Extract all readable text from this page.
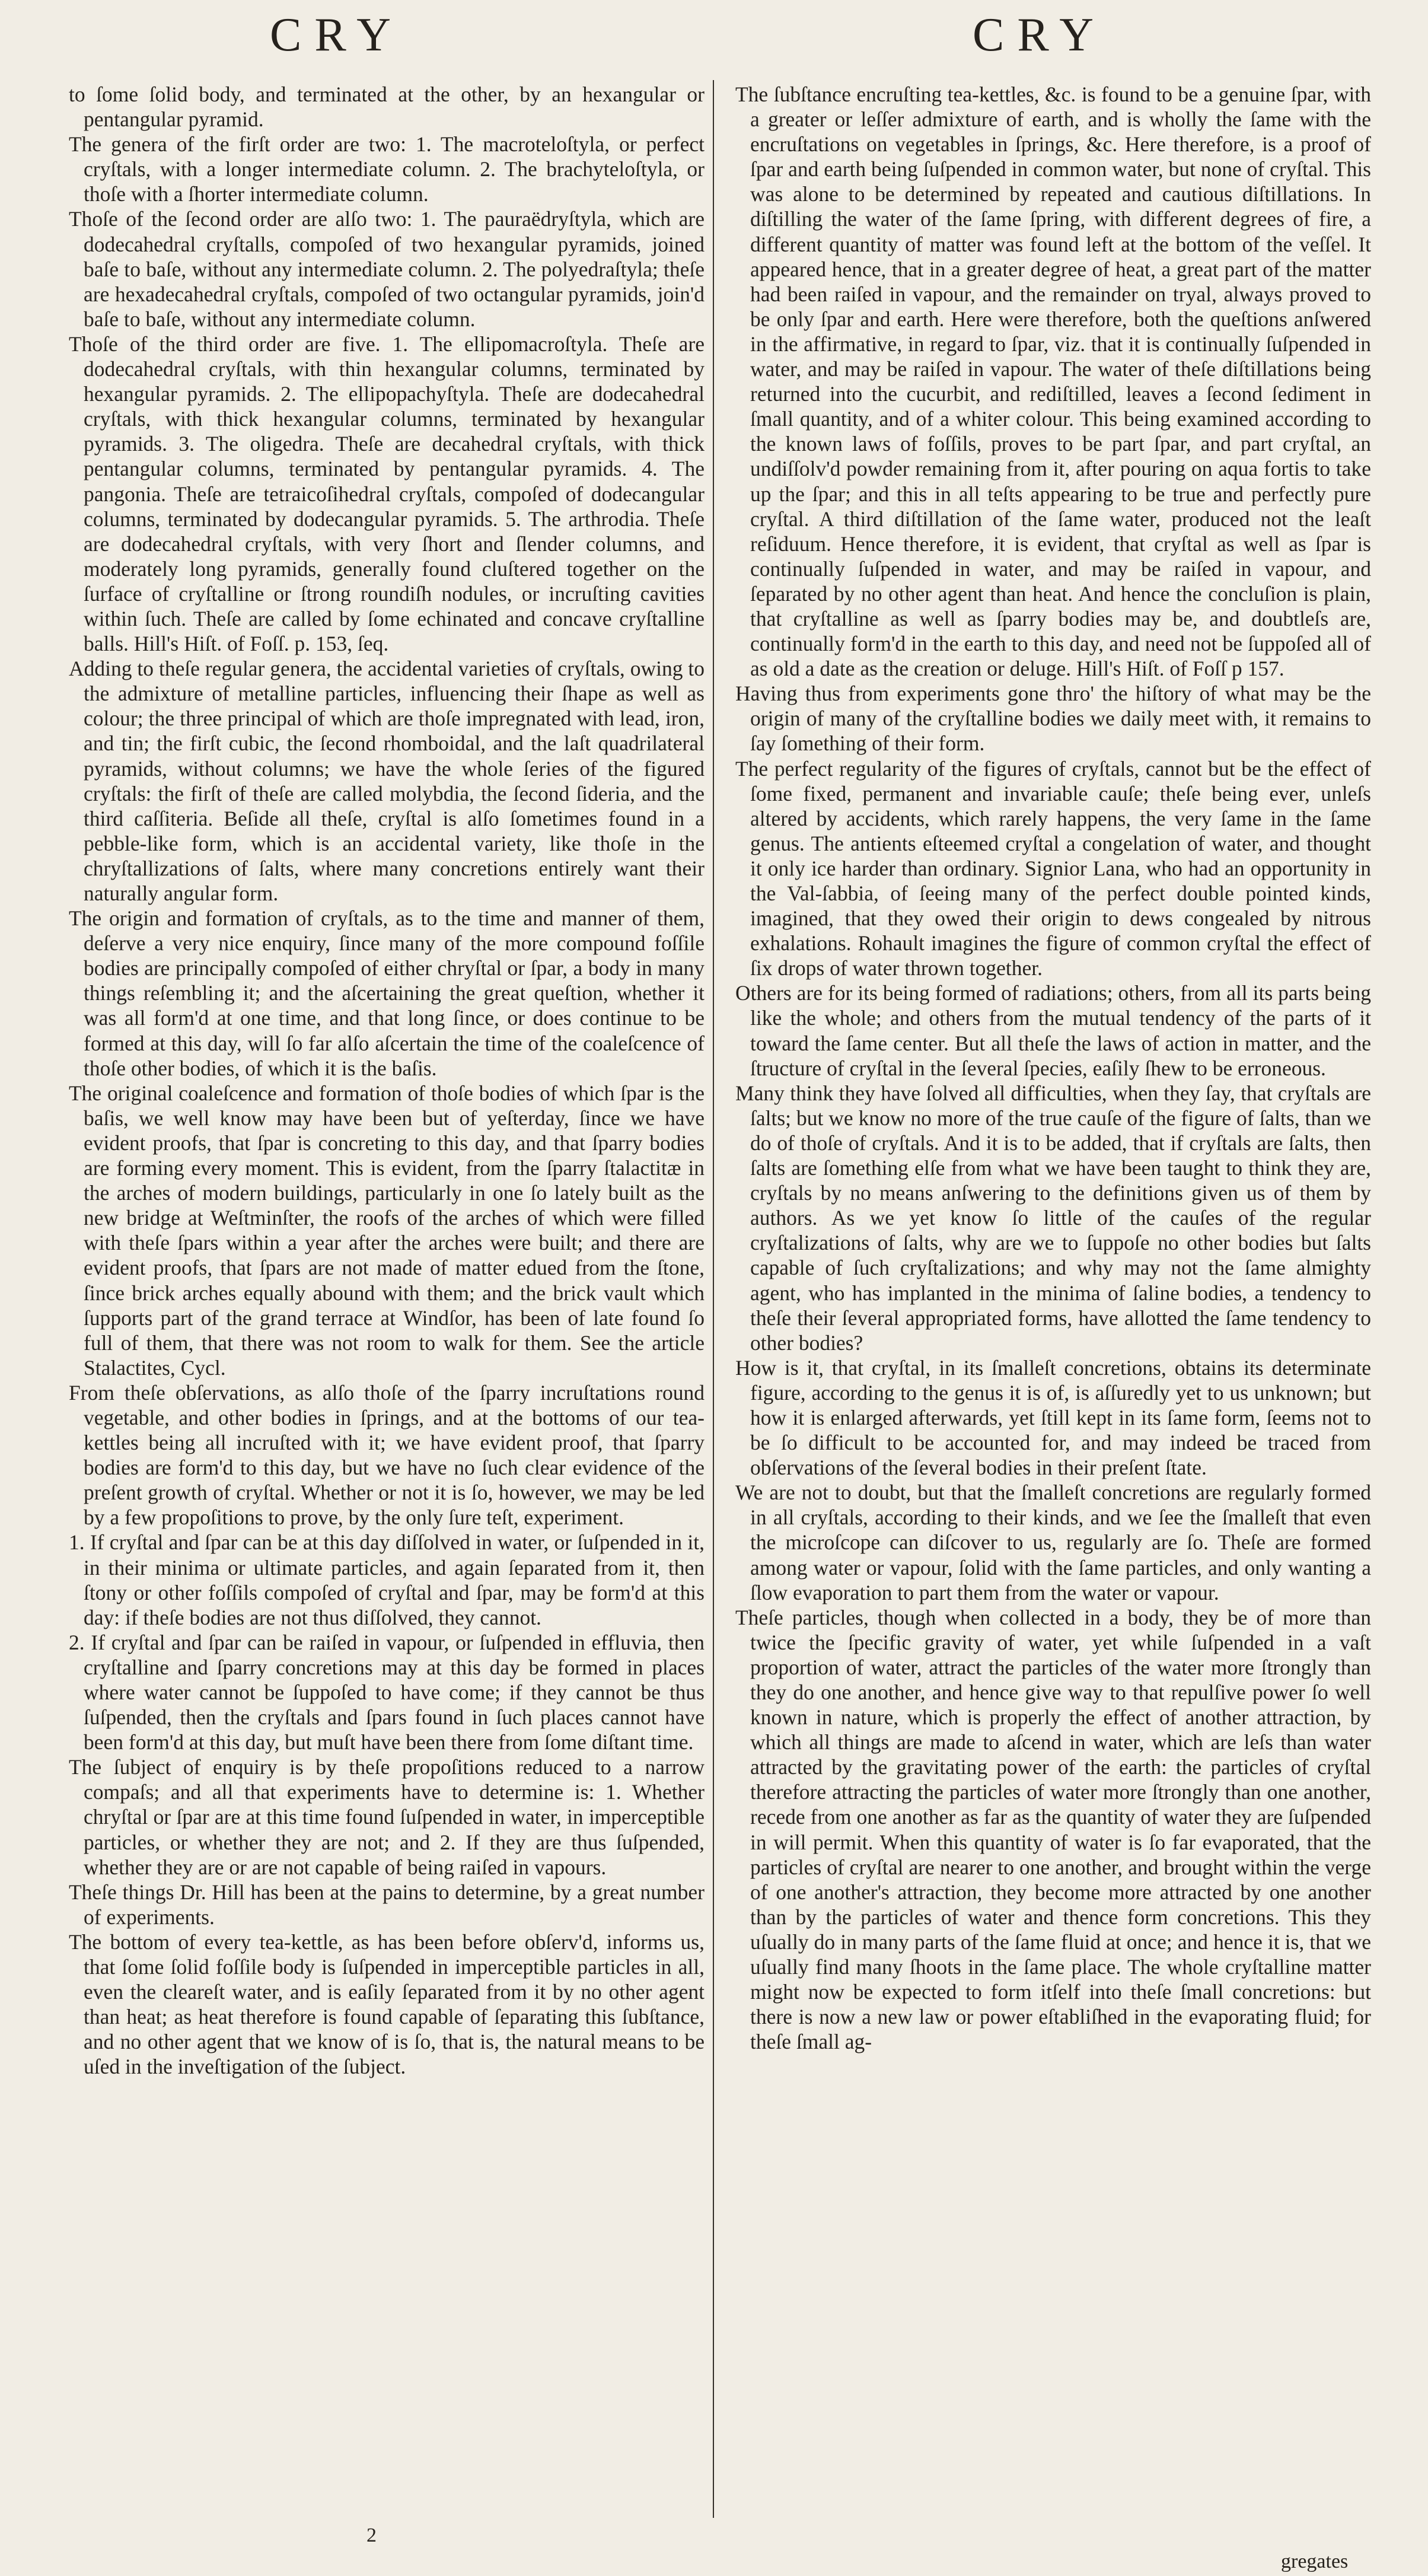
CRY	CRY

to ſome ſolid body, and terminated at the other, by an hexangular or pentangular pyramid.

The genera of the firſt order are two: 1. The macroteloſtyla, or perfect cryſtals, with a longer intermediate column. 2. The brachyteloſtyla, or thoſe with a ſhorter intermediate column.

Thoſe of the ſecond order are alſo two: 1. The pauraëdryſtyla, which are dodecahedral cryſtalls, compoſed of two hexangular pyramids, joined baſe to baſe, without any intermediate column. 2. The polyedraſtyla; theſe are hexadecahedral cryſtals, compoſed of two octangular pyramids, join'd baſe to baſe, without any intermediate column.

Thoſe of the third order are five. 1. The ellipomacroſtyla. Theſe are dodecahedral cryſtals, with thin hexangular columns, terminated by hexangular pyramids. 2. The ellipopachyſtyla. Theſe are dodecahedral cryſtals, with thick hexangular columns, terminated by hexangular pyramids. 3. The oligedra. Theſe are decahedral cryſtals, with thick pentangular columns, terminated by pentangular pyramids. 4. The pangonia. Theſe are tetraicoſihedral cryſtals, compoſed of dodecangular columns, terminated by dodecangular pyramids. 5. The arthrodia. Theſe are dodecahedral cryſtals, with very ſhort and ſlender columns, and moderately long pyramids, generally found cluſtered together on the ſurface of cryſtalline or ſtrong roundiſh nodules, or incruſting cavities within ſuch. Theſe are called by ſome echinated and concave cryſtalline balls. Hill's Hiſt. of Foſſ. p. 153, ſeq.

Adding to theſe regular genera, the accidental varieties of cryſtals, owing to the admixture of metalline particles, influencing their ſhape as well as colour; the three principal of which are thoſe impregnated with lead, iron, and tin; the firſt cubic, the ſecond rhomboidal, and the laſt quadrilateral pyramids, without columns; we have the whole ſeries of the figured cryſtals: the firſt of theſe are called molybdia, the ſecond ſideria, and the third caſſiteria. Beſide all theſe, cryſtal is alſo ſometimes found in a pebble-like form, which is an accidental variety, like thoſe in the chryſtallizations of ſalts, where many concretions entirely want their naturally angular form.

The origin and formation of cryſtals, as to the time and manner of them, deſerve a very nice enquiry, ſince many of the more compound foſſile bodies are principally compoſed of either chryſtal or ſpar, a body in many things reſembling it; and the aſcertaining the great queſtion, whether it was all form'd at one time, and that long ſince, or does continue to be formed at this day, will ſo far alſo aſcertain the time of the coaleſcence of thoſe other bodies, of which it is the baſis.

The original coaleſcence and formation of thoſe bodies of which ſpar is the baſis, we well know may have been but of yeſterday, ſince we have evident proofs, that ſpar is concreting to this day, and that ſparry bodies are forming every moment. This is evident, from the ſparry ſtalactitæ in the arches of modern buildings, particularly in one ſo lately built as the new bridge at Weſtminſter, the roofs of the arches of which were filled with theſe ſpars within a year after the arches were built; and there are evident proofs, that ſpars are not made of matter edued from the ſtone, ſince brick arches equally abound with them; and the brick vault which ſupports part of the grand terrace at Windſor, has been of late found ſo full of them, that there was not room to walk for them. See the article Stalactites, Cycl.

From theſe obſervations, as alſo thoſe of the ſparry incruſtations round vegetable, and other bodies in ſprings, and at the bottoms of our tea-kettles being all incruſted with it; we have evident proof, that ſparry bodies are form'd to this day, but we have no ſuch clear evidence of the preſent growth of cryſtal. Whether or not it is ſo, however, we may be led by a few propoſitions to prove, by the only ſure teſt, experiment.

1. If cryſtal and ſpar can be at this day diſſolved in water, or ſuſpended in it, in their minima or ultimate particles, and again ſeparated from it, then ſtony or other foſſils compoſed of cryſtal and ſpar, may be form'd at this day: if theſe bodies are not thus diſſolved, they cannot.

2. If cryſtal and ſpar can be raiſed in vapour, or ſuſpended in effluvia, then cryſtalline and ſparry concretions may at this day be formed in places where water cannot be ſuppoſed to have come; if they cannot be thus ſuſpended, then the cryſtals and ſpars found in ſuch places cannot have been form'd at this day, but muſt have been there from ſome diſtant time.

The ſubject of enquiry is by theſe propoſitions reduced to a narrow compaſs; and all that experiments have to determine is: 1. Whether chryſtal or ſpar are at this time found ſuſpended in water, in imperceptible particles, or whether they are not; and 2. If they are thus ſuſpended, whether they are or are not capable of being raiſed in vapours.

Theſe things Dr. Hill has been at the pains to determine, by a great number of experiments.

The bottom of every tea-kettle, as has been before obſerv'd, informs us, that ſome ſolid foſſile body is ſuſpended in imperceptible particles in all, even the cleareſt water, and is eaſily ſeparated from it by no other agent than heat; as heat therefore is found capable of ſeparating this ſubſtance, and no other agent that we know of is ſo, that is, the natural means to be uſed in the inveſtigation of the ſubject.

The ſubſtance encruſting tea-kettles, &c. is found to be a genuine ſpar, with a greater or leſſer admixture of earth, and is wholly the ſame with the encruſtations on vegetables in ſprings, &c. Here therefore, is a proof of ſpar and earth being ſuſpended in common water, but none of cryſtal. This was alone to be determined by repeated and cautious diſtillations. In diſtilling the water of the ſame ſpring, with different degrees of fire, a different quantity of matter was found left at the bottom of the veſſel. It appeared hence, that in a greater degree of heat, a great part of the matter had been raiſed in vapour, and the remainder on tryal, always proved to be only ſpar and earth. Here were therefore, both the queſtions anſwered in the affirmative, in regard to ſpar, viz. that it is continually ſuſpended in water, and may be raiſed in vapour. The water of theſe diſtillations being returned into the cucurbit, and rediſtilled, leaves a ſecond ſediment in ſmall quantity, and of a whiter colour. This being examined according to the known laws of foſſils, proves to be part ſpar, and part cryſtal, an undiſſolv'd powder remaining from it, after pouring on aqua fortis to take up the ſpar; and this in all teſts appearing to be true and perfectly pure cryſtal. A third diſtillation of the ſame water, produced not the leaſt reſiduum. Hence therefore, it is evident, that cryſtal as well as ſpar is continually ſuſpended in water, and may be raiſed in vapour, and ſeparated by no other agent than heat. And hence the concluſion is plain, that cryſtalline as well as ſparry bodies may be, and doubtleſs are, continually form'd in the earth to this day, and need not be ſuppoſed all of as old a date as the creation or deluge. Hill's Hiſt. of Foſſ p 157.

Having thus from experiments gone thro' the hiſtory of what may be the origin of many of the cryſtalline bodies we daily meet with, it remains to ſay ſomething of their form.

The perfect regularity of the figures of cryſtals, cannot but be the effect of ſome fixed, permanent and invariable cauſe; theſe being ever, unleſs altered by accidents, which rarely happens, the very ſame in the ſame genus. The antients eſteemed cryſtal a congelation of water, and thought it only ice harder than ordinary. Signior Lana, who had an opportunity in the Val-ſabbia, of ſeeing many of the perfect double pointed kinds, imagined, that they owed their origin to dews congealed by nitrous exhalations. Rohault imagines the figure of common cryſtal the effect of ſix drops of water thrown together.

Others are for its being formed of radiations; others, from all its parts being like the whole; and others from the mutual tendency of the parts of it toward the ſame center. But all theſe the laws of action in matter, and the ſtructure of cryſtal in the ſeveral ſpecies, eaſily ſhew to be erroneous.

Many think they have ſolved all difficulties, when they ſay, that cryſtals are ſalts; but we know no more of the true cauſe of the figure of ſalts, than we do of thoſe of cryſtals. And it is to be added, that if cryſtals are ſalts, then ſalts are ſomething elſe from what we have been taught to think they are, cryſtals by no means anſwering to the definitions given us of them by authors. As we yet know ſo little of the cauſes of the regular cryſtalizations of ſalts, why are we to ſuppoſe no other bodies but ſalts capable of ſuch cryſtalizations; and why may not the ſame almighty agent, who has implanted in the minima of ſaline bodies, a tendency to theſe their ſeveral appropriated forms, have allotted the ſame tendency to other bodies?

How is it, that cryſtal, in its ſmalleſt concretions, obtains its determinate figure, according to the genus it is of, is aſſuredly yet to us unknown; but how it is enlarged afterwards, yet ſtill kept in its ſame form, ſeems not to be ſo difficult to be accounted for, and may indeed be traced from obſervations of the ſeveral bodies in their preſent ſtate.

We are not to doubt, but that the ſmalleſt concretions are regularly formed in all cryſtals, according to their kinds, and we ſee the ſmalleſt that even the microſcope can diſcover to us, regularly are ſo. Theſe are formed among water or vapour, ſolid with the ſame particles, and only wanting a ſlow evaporation to part them from the water or vapour.

Theſe particles, though when collected in a body, they be of more than twice the ſpecific gravity of water, yet while ſuſpended in a vaſt proportion of water, attract the particles of the water more ſtrongly than they do one another, and hence give way to that repulſive power ſo well known in nature, which is properly the effect of another attraction, by which all things are made to aſcend in water, which are leſs than water attracted by the gravitating power of the earth: the particles of cryſtal therefore attracting the particles of water more ſtrongly than one another, recede from one another as far as the quantity of water they are ſuſpended in will permit. When this quantity of water is ſo far evaporated, that the particles of cryſtal are nearer to one another, and brought within the verge of one another's attraction, they become more attracted by one another than by the particles of water and thence form concretions. This they uſually do in many parts of the ſame fluid at once; and hence it is, that we uſually find many ſhoots in the ſame place. The whole cryſtalline matter might now be expected to form itſelf into theſe ſmall concretions: but there is now a new law or power eſtabliſhed in the evaporating fluid; for theſe ſmall ag-

2
gregates
